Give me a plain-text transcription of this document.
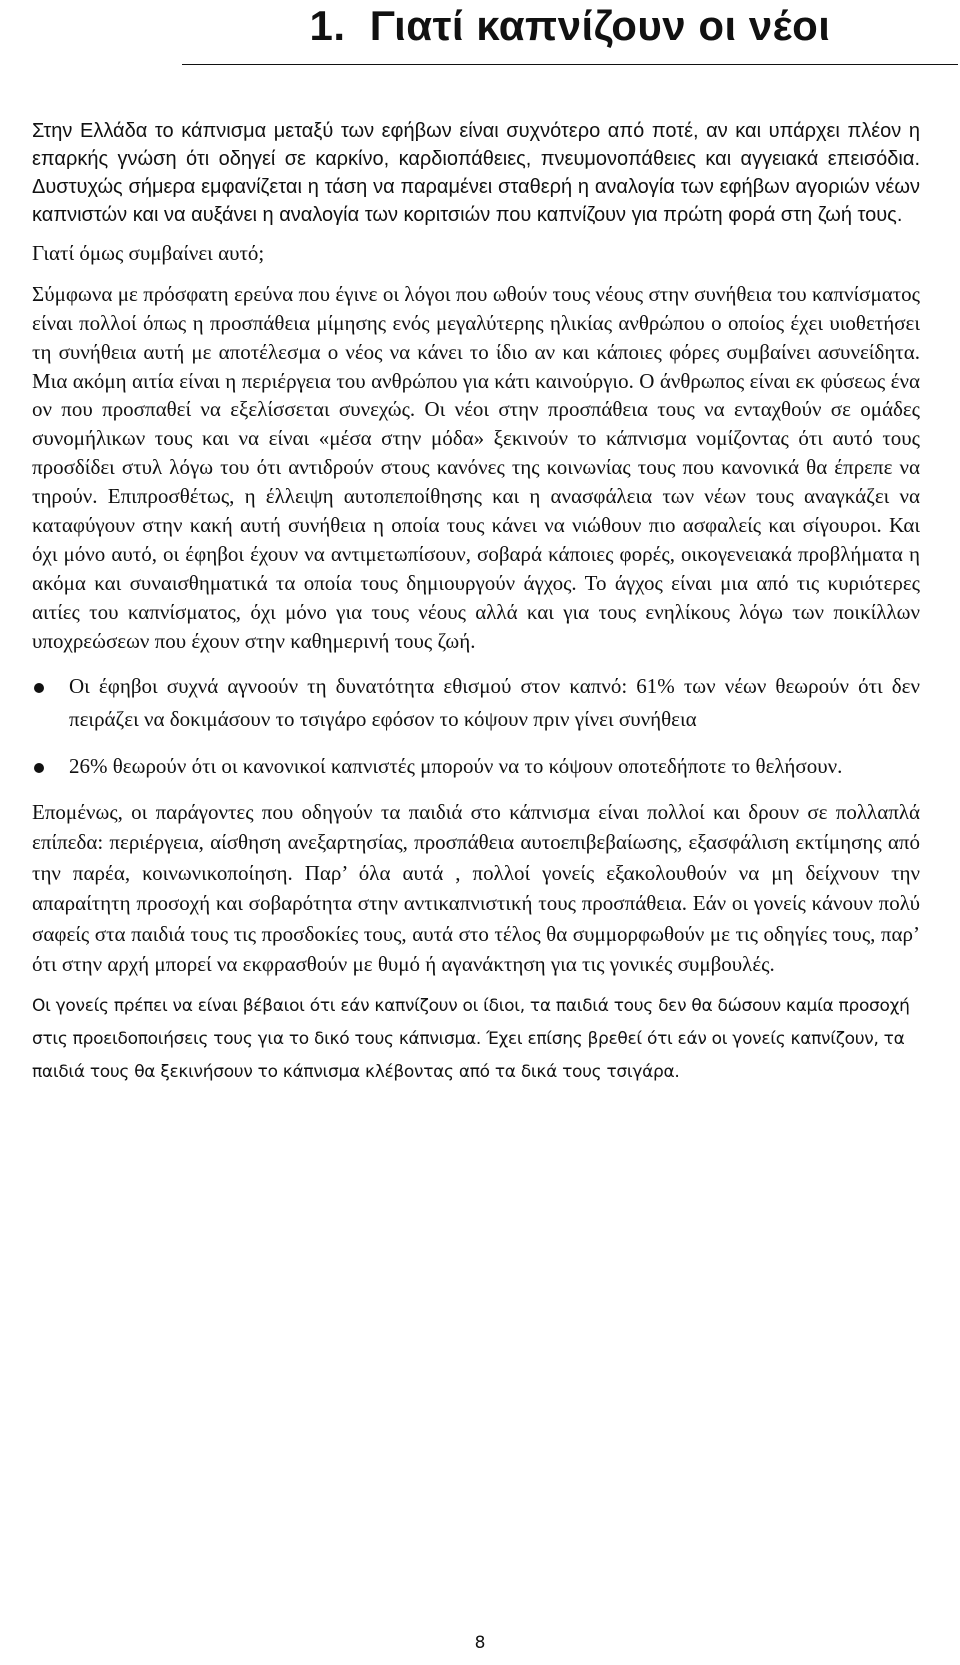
1. Γιατί καπνίζουν οι νέοι

Στην Ελλάδα το κάπνισμα μεταξύ των εφήβων είναι συχνότερο από ποτέ, αν και υπάρχει πλέον η επαρκής γνώση ότι οδηγεί σε καρκίνο, καρδιοπάθειες, πνευμονοπάθειες και αγγειακά επεισόδια. Δυστυχώς σήμερα εμφανίζεται η τάση να παραμένει σταθερή η αναλογία των εφήβων αγοριών νέων καπνιστών και να αυξάνει η αναλογία των κοριτσιών που καπνίζουν για πρώτη φορά στη ζωή τους.

Γιατί όμως συμβαίνει αυτό;

Σύμφωνα με πρόσφατη ερεύνα που έγινε οι λόγοι που ωθούν τους νέους στην συνήθεια του καπνίσματος είναι πολλοί όπως η προσπάθεια μίμησης ενός μεγαλύτερης ηλικίας ανθρώπου ο οποίος έχει υιοθετήσει τη συνήθεια αυτή με αποτέλεσμα ο νέος να κάνει το ίδιο αν και κάποιες φόρες συμβαίνει ασυνείδητα. Μια ακόμη αιτία είναι η περιέργεια του ανθρώπου για κάτι καινούργιο. Ο άνθρωπος είναι εκ φύσεως ένα ον που προσπαθεί να εξελίσσεται συνεχώς. Οι νέοι στην προσπάθεια τους να ενταχθούν σε ομάδες συνομήλικων τους και να είναι «μέσα στην μόδα» ξεκινούν το κάπνισμα νομίζοντας ότι αυτό τους προσδίδει στυλ λόγω του ότι αντιδρούν στους κανόνες της κοινωνίας τους που κανονικά θα έπρεπε να τηρούν. Επιπροσθέτως, η έλλειψη αυτοπεποίθησης και η ανασφάλεια των νέων τους αναγκάζει να καταφύγουν στην κακή αυτή συνήθεια η οποία τους κάνει να νιώθουν πιο ασφαλείς και σίγουροι. Και όχι μόνο αυτό, οι έφηβοι έχουν να αντιμετωπίσουν, σοβαρά κάποιες φορές, οικογενειακά προβλήματα η ακόμα και συναισθηματικά τα οποία τους δημιουργούν άγχος. Το άγχος είναι μια από τις κυριότερες αιτίες του καπνίσματος, όχι μόνο για τους νέους αλλά και για τους ενηλίκους λόγω των ποικίλλων υποχρεώσεων που έχουν στην καθημερινή τους ζωή.

Οι έφηβοι συχνά αγνοούν τη δυνατότητα εθισμού στον καπνό: 61% των νέων θεωρούν ότι δεν πειράζει να δοκιμάσουν το τσιγάρο εφόσον το κόψουν πριν γίνει συνήθεια
26% θεωρούν ότι οι κανονικοί καπνιστές μπορούν να το κόψουν οποτεδήποτε το θελήσουν.

Επομένως, οι παράγοντες που οδηγούν τα παιδιά στο κάπνισμα είναι πολλοί και δρουν σε πολλαπλά επίπεδα: περιέργεια, αίσθηση ανεξαρτησίας, προσπάθεια αυτοεπιβεβαίωσης, εξασφάλιση εκτίμησης από την παρέα, κοινωνικοποίηση. Παρ’ όλα αυτά , πολλοί γονείς εξακολουθούν να μη δείχνουν την απαραίτητη προσοχή και σοβαρότητα στην αντικαπνιστική τους προσπάθεια. Εάν οι γονείς κάνουν πολύ σαφείς στα παιδιά τους τις προσδοκίες τους, αυτά στο τέλος θα συμμορφωθούν με τις οδηγίες τους, παρ’ ότι στην αρχή μπορεί να εκφρασθούν με θυμό ή αγανάκτηση για τις γονικές συμβουλές.

Οι γονείς πρέπει να είναι βέβαιοι ότι εάν καπνίζουν οι ίδιοι, τα παιδιά τους δεν θα δώσουν καμία προσοχή στις προειδοποιήσεις τους για το δικό τους κάπνισμα. Έχει επίσης βρεθεί ότι εάν οι γονείς καπνίζουν, τα παιδιά τους θα ξεκινήσουν το κάπνισμα κλέβοντας από τα δικά τους τσιγάρα.

8
